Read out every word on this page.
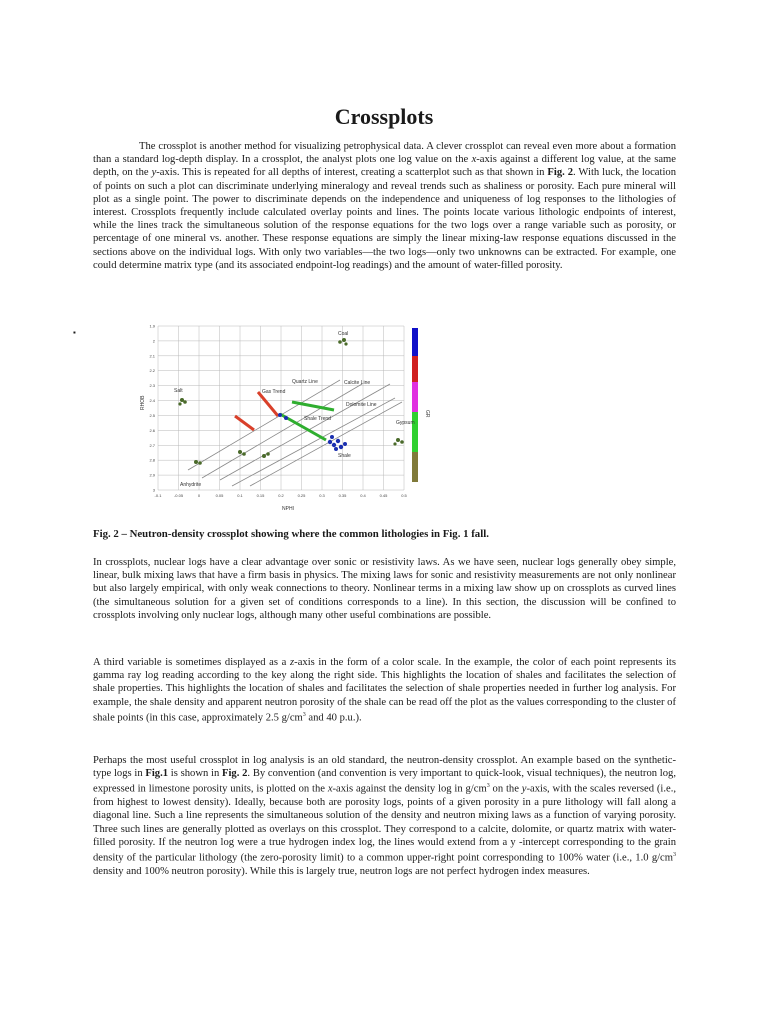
Crossplots

The crossplot is another method for visualizing petrophysical data. A clever crossplot can reveal even more about a formation than a standard log-depth display. In a crossplot, the analyst plots one log value on the x-axis against a different log value, at the same depth, on the y-axis. This is repeated for all depths of interest, creating a scatterplot such as that shown in Fig. 2. With luck, the location of points on such a plot can discriminate underlying mineralogy and reveal trends such as shaliness or porosity. Each pure mineral will plot as a single point. The power to discriminate depends on the independence and uniqueness of log responses to the lithologies of interest. Crossplots frequently include calculated overlay points and lines. The points locate various lithologic endpoints of interest, while the lines track the simultaneous solution of the response equations for the two logs over a range variable such as porosity, or percentage of one mineral vs. another. These response equations are simply the linear mixing-law response equations discussed in the sections above on the individual logs. With only two variables—the two logs—only two unknowns can be extracted. For example, one could determine matrix type (and its associated endpoint-log readings) and the amount of water-filled porosity.

▪
-0.1	-0.05	0	0.05	0.1	0.15	0.2	0.25	0.3	0.35	0.4	0.45	0.5
1.9
2
2.1
2.2
2.3
2.4
2.5
2.6
2.7
2.8
2.9
3
Coal
Salt
Quartz Line	Calcite Line
Gas Trend
Dolomite Line
Shale Trend
Gypsum
Shale
Anhydrite
NPHI
RHOB
GR
Fig. 2 – Neutron-density crossplot showing where the common lithologies in Fig. 1 fall.

In crossplots, nuclear logs have a clear advantage over sonic or resistivity laws. As we have seen, nuclear logs generally obey simple, linear, bulk mixing laws that have a firm basis in physics. The mixing laws for sonic and resistivity measurements are not only nonlinear but also largely empirical, with only weak connections to theory. Nonlinear terms in a mixing law show up on crossplots as curved lines (the simultaneous solution for a given set of conditions corresponds to a line). In this section, the discussion will be confined to crossplots involving only nuclear logs, although many other useful combinations are possible.

A third variable is sometimes displayed as a z-axis in the form of a color scale. In the example, the color of each point represents its gamma ray log reading according to the key along the right side. This highlights the location of shales and facilitates the selection of shale properties. This highlights the location of shales and facilitates the selection of shale properties needed in further log analysis. For example, the shale density and apparent neutron porosity of the shale can be read off the plot as the values corresponding to the cluster of shale points (in this case, approximately 2.5 $g/cm^3$ and 40 p.u.).

Perhaps the most useful crossplot in log analysis is an old standard, the neutron-density crossplot. An example based on the synthetic-type logs in Fig.1 is shown in Fig. 2. By convention (and convention is very important to quick-look, visual techniques), the neutron log, expressed in limestone porosity units, is plotted on the x-axis against the density log in $g/cm^3$ on the y-axis, with the scales reversed (i.e., from highest to lowest density). Ideally, because both are porosity logs, points of a given porosity in a pure lithology will fall along a diagonal line. Such a line represents the simultaneous solution of the density and neutron mixing laws as a function of varying porosity. Three such lines are generally plotted as overlays on this crossplot. They correspond to a calcite, dolomite, or quartz matrix with water-filled porosity. If the neutron log were a true hydrogen index log, the lines would extend from a y -intercept corresponding to the grain density of the particular lithology (the zero-porosity limit) to a common upper-right point corresponding to 100% water (i.e., 1.0 $g/cm^3$ density and 100% neutron porosity). While this is largely true, neutron logs are not perfect hydrogen index measures.
